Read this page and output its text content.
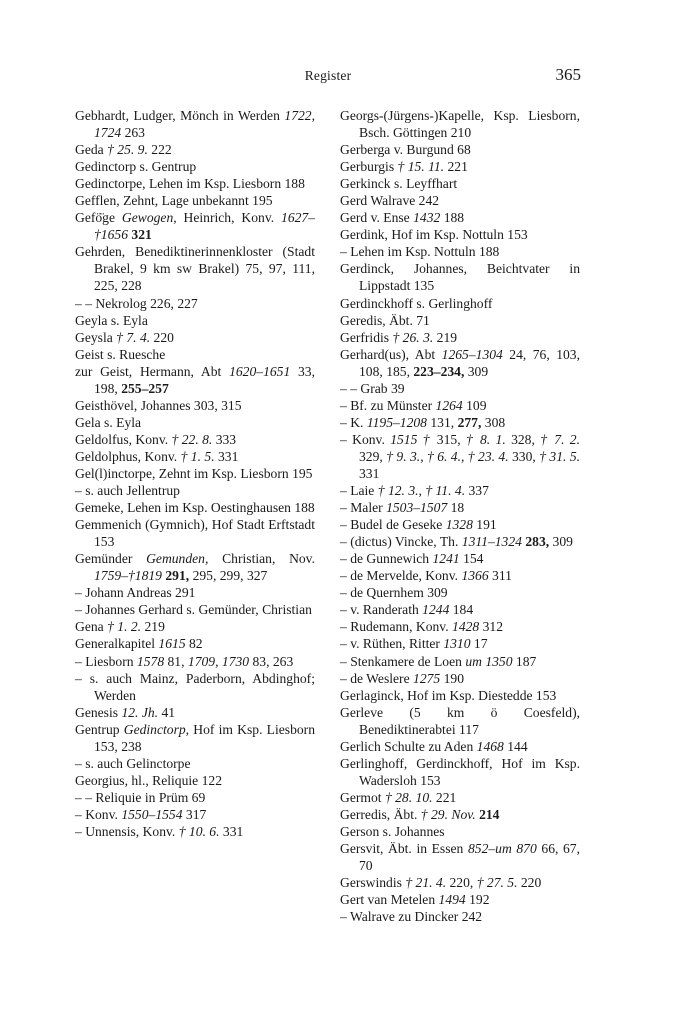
Register	365
Gebhardt, Ludger, Mönch in Werden 1722, 1724 263
Geda † 25. 9. 222
Gedinctorp s. Gentrup
Gedinctorpe, Lehen im Ksp. Liesborn 188
Gefflen, Zehnt, Lage unbekannt 195
Gefö̈ge Gewogen, Heinrich, Konv. 1627–†1656 321
Gehrden, Benediktinerinnenkloster (Stadt Brakel, 9 km sw Brakel) 75, 97, 111, 225, 228
– – Nekrolog 226, 227
Geyla s. Eyla
Geysla † 7. 4. 220
Geist s. Ruesche
zur Geist, Hermann, Abt 1620–1651 33, 198, 255–257
Geisthövel, Johannes 303, 315
Gela s. Eyla
Geldolfus, Konv. † 22. 8. 333
Geldolphus, Konv. † 1. 5. 331
Gel(l)inctorpe, Zehnt im Ksp. Liesborn 195
– s. auch Jellentrup
Gemeke, Lehen im Ksp. Oestinghausen 188
Gemmenich (Gymnich), Hof Stadt Erftstadt 153
Gemünder Gemunden, Christian, Nov. 1759–†1819 291, 295, 299, 327
– Johann Andreas 291
– Johannes Gerhard s. Gemünder, Christian
Gena † 1. 2. 219
Generalkapitel 1615 82
– Liesborn 1578 81, 1709, 1730 83, 263
– s. auch Mainz, Paderborn, Abdinghof; Werden
Genesis 12. Jh. 41
Gentrup Gedinctorp, Hof im Ksp. Liesborn 153, 238
– s. auch Gelinctorpe
Georgius, hl., Reliquie 122
– – Reliquie in Prüm 69
– Konv. 1550–1554 317
– Unnensis, Konv. † 10. 6. 331
Georgs-(Jürgens-)Kapelle, Ksp. Liesborn, Bsch. Göttingen 210
Gerberga v. Burgund 68
Gerburgis † 15. 11. 221
Gerkinck s. Leyffhart
Gerd Walrave 242
Gerd v. Ense 1432 188
Gerdink, Hof im Ksp. Nottuln 153
– Lehen im Ksp. Nottuln 188
Gerdinck, Johannes, Beichtvater in Lippstadt 135
Gerdinckhoff s. Gerlinghoff
Geredis, Äbt. 71
Gerfridis † 26. 3. 219
Gerhard(us), Abt 1265–1304 24, 76, 103, 108, 185, 223–234, 309
– – Grab 39
– Bf. zu Münster 1264 109
– K. 1195–1208 131, 277, 308
– Konv. 1515 † 315, † 8. 1. 328, † 7. 2. 329, † 9. 3., † 6. 4., † 23. 4. 330, † 31. 5. 331
– Laie † 12. 3., † 11. 4. 337
– Maler 1503–1507 18
– Budel de Geseke 1328 191
– (dictus) Vincke, Th. 1311–1324 283, 309
– de Gunnewich 1241 154
– de Mervelde, Konv. 1366 311
– de Quernhem 309
– v. Randerath 1244 184
– Rudemann, Konv. 1428 312
– v. Rüthen, Ritter 1310 17
– Stenkamere de Loen um 1350 187
– de Weslere 1275 190
Gerlaginck, Hof im Ksp. Diestedde 153
Gerleve (5 km ö Coesfeld), Benediktinerabtei 117
Gerlich Schulte zu Aden 1468 144
Gerlinghoff, Gerdinckhoff, Hof im Ksp. Wadersloh 153
Germot † 28. 10. 221
Gerredis, Äbt. † 29. Nov. 214
Gerson s. Johannes
Gersvit, Äbt. in Essen 852–um 870 66, 67, 70
Gerswindis † 21. 4. 220, † 27. 5. 220
Gert van Metelen 1494 192
– Walrave zu Dincker 242
